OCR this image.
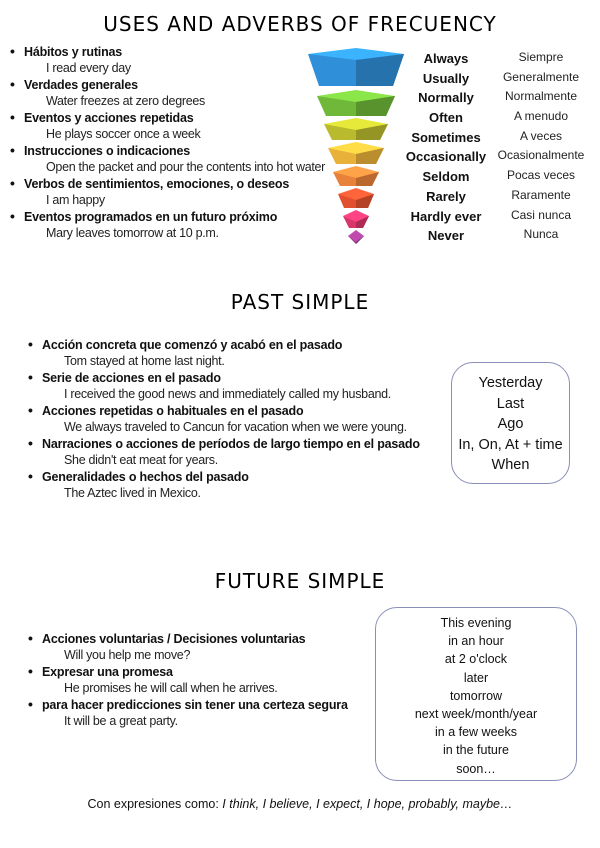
USES AND ADVERBS OF FRECUENCY
• Hábitos y rutinas
I read every day
• Verdades generales
Water freezes at zero degrees
• Eventos y acciones repetidas
He plays soccer once a week
• Instrucciones o indicaciones
Open the packet and pour the contents into hot water
• Verbos de sentimientos, emociones, o deseos
I am happy
• Eventos programados en un futuro próximo
Mary leaves tomorrow at 10 p.m.
Always
Usually
Normally
Often
Sometimes
Occasionally
Seldom
Rarely
Hardly ever
Never
Siempre
Generalmente
Normalmente
A menudo
A veces
Ocasionalmente
Pocas veces
Raramente
Casi nunca
Nunca
PAST SIMPLE
• Acción concreta que comenzó y acabó en el pasado
Tom stayed at home last night.
• Serie de acciones en el pasado
I received the good news and immediately called my husband.
• Acciones repetidas o habituales en el pasado
We always traveled to Cancun for vacation when we were young.
• Narraciones o acciones de períodos de largo tiempo en el pasado
She didn't eat meat for years.
• Generalidades o hechos del pasado
The Aztec lived in Mexico.
Yesterday
Last
Ago
In, On, At + time
When
FUTURE SIMPLE
• Acciones voluntarias / Decisiones voluntarias
Will you help me move?
• Expresar una promesa
He promises he will call when he arrives.
• para hacer predicciones sin tener una certeza segura
It will be a great party.
This evening
in an hour
at 2 o'clock
later
tomorrow
next week/month/year
in a few weeks
in the future
soon…
Con expresiones como: I think, I believe, I expect, I hope, probably, maybe…
